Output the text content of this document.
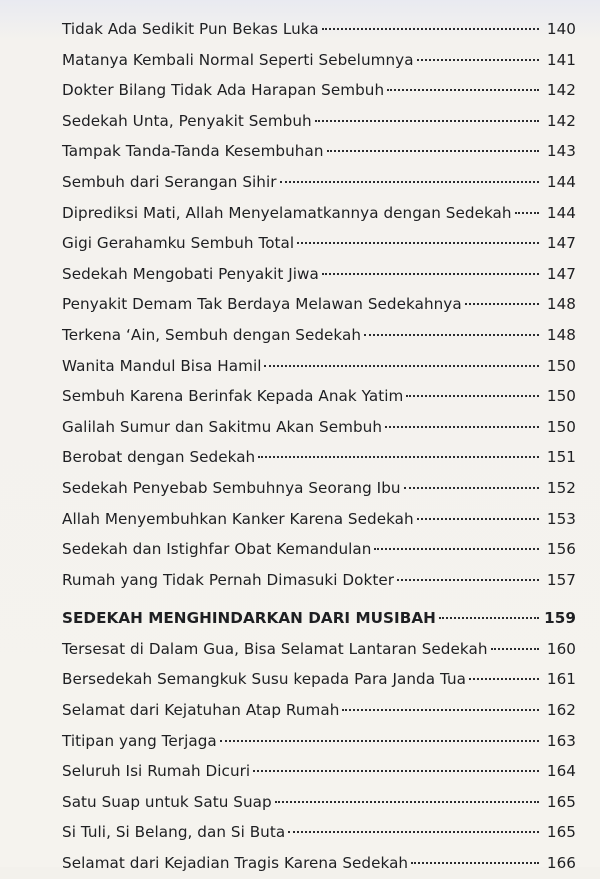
Tidak Ada Sedikit Pun Bekas Luka	140
Matanya Kembali Normal Seperti Sebelumnya	141
Dokter Bilang Tidak Ada Harapan Sembuh	142
Sedekah Unta, Penyakit Sembuh	142
Tampak Tanda-Tanda Kesembuhan	143
Sembuh dari Serangan Sihir	144
Diprediksi Mati, Allah Menyelamatkannya dengan Sedekah	144
Gigi Gerahamku Sembuh Total	147
Sedekah Mengobati Penyakit Jiwa	147
Penyakit Demam Tak Berdaya Melawan Sedekahnya	148
Terkena ‘Ain, Sembuh dengan Sedekah	148
Wanita Mandul Bisa Hamil	150
Sembuh Karena Berinfak Kepada Anak Yatim	150
Galilah Sumur dan Sakitmu Akan Sembuh	150
Berobat dengan Sedekah	151
Sedekah Penyebab Sembuhnya Seorang Ibu	152
Allah Menyembuhkan Kanker Karena Sedekah	153
Sedekah dan Istighfar Obat Kemandulan	156
Rumah yang Tidak Pernah Dimasuki Dokter	157
SEDEKAH MENGHINDARKAN DARI MUSIBAH	159
Tersesat di Dalam Gua, Bisa Selamat Lantaran Sedekah	160
Bersedekah Semangkuk Susu kepada Para Janda Tua	161
Selamat dari Kejatuhan Atap Rumah	162
Titipan yang Terjaga	163
Seluruh Isi Rumah Dicuri	164
Satu Suap untuk Satu Suap	165
Si Tuli, Si Belang, dan Si Buta	165
Selamat dari Kejadian Tragis Karena Sedekah	166
